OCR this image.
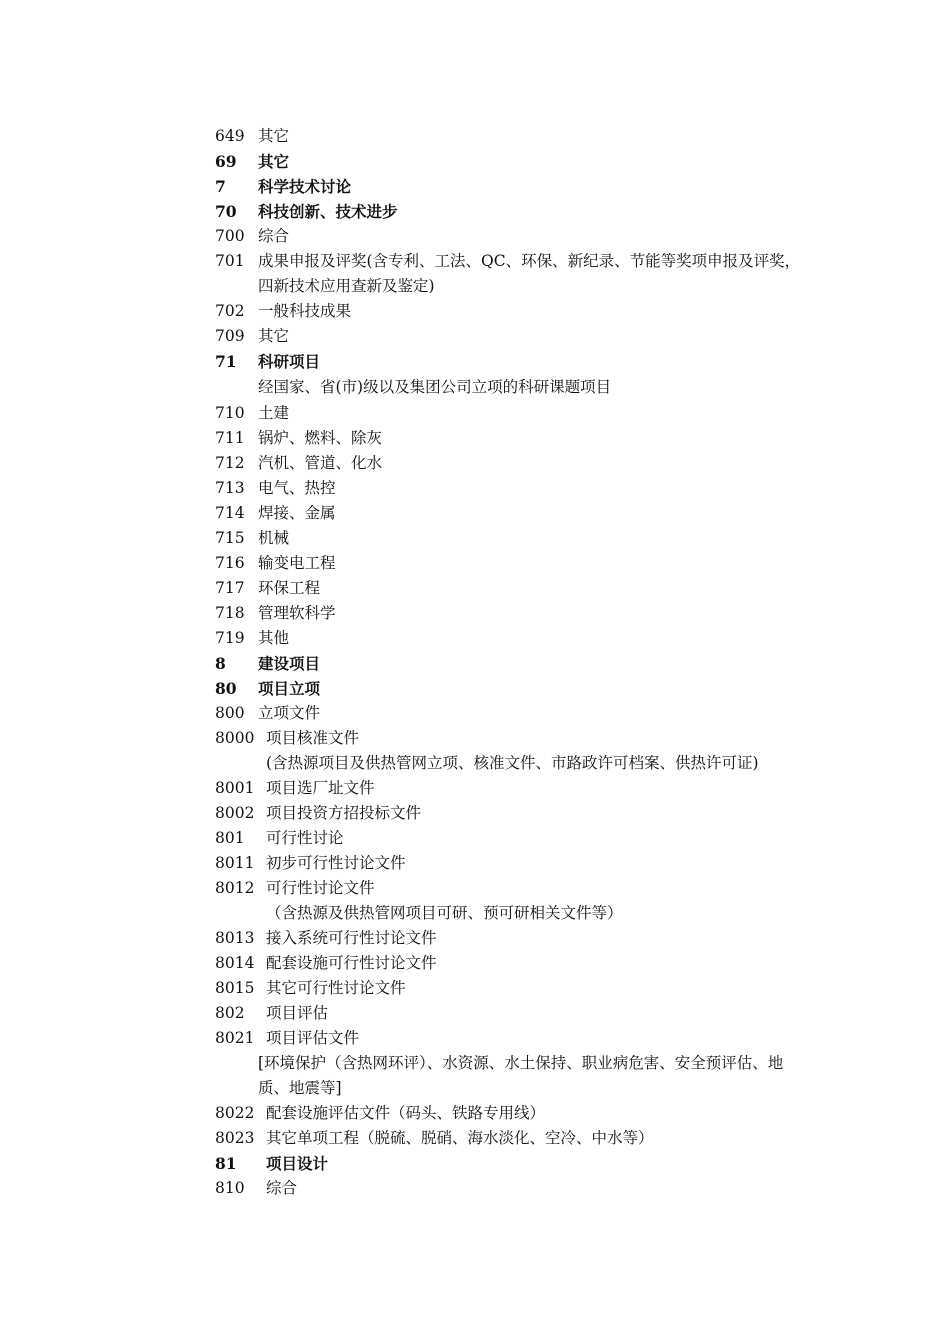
649 其它
69 其它
7 科学技术讨论
70 科技创新、技术进步
700 综合
701 成果申报及评奖(含专利、工法、QC、环保、新纪录、节能等奖项申报及评奖，四新技术应用查新及鉴定)
702 一般科技成果
709 其它
71 科研项目
经国家、省(市)级以及集团公司立项的科研课题项目
710 土建
711 锅炉、燃料、除灰
712 汽机、管道、化水
713 电气、热控
714 焊接、金属
715 机械
716 输变电工程
717 环保工程
718 管理软科学
719 其他
8 建设项目
80 项目立项
800 立项文件
8000 项目核准文件
(含热源项目及供热管网立项、核准文件、市路政许可档案、供热许可证)
8001 项目选厂址文件
8002 项目投资方招投标文件
801 可行性讨论
8011 初步可行性讨论文件
8012 可行性讨论文件
（含热源及供热管网项目可研、预可研相关文件等）
8013 接入系统可行性讨论文件
8014 配套设施可行性讨论文件
8015 其它可行性讨论文件
802 项目评估
8021 项目评估文件
[环境保护（含热网环评）、水资源、水土保持、职业病危害、安全预评估、地质、地震等]
8022 配套设施评估文件（码头、铁路专用线）
8023 其它单项工程（脱硫、脱硝、海水淡化、空冷、中水等）
81 项目设计
810 综合
